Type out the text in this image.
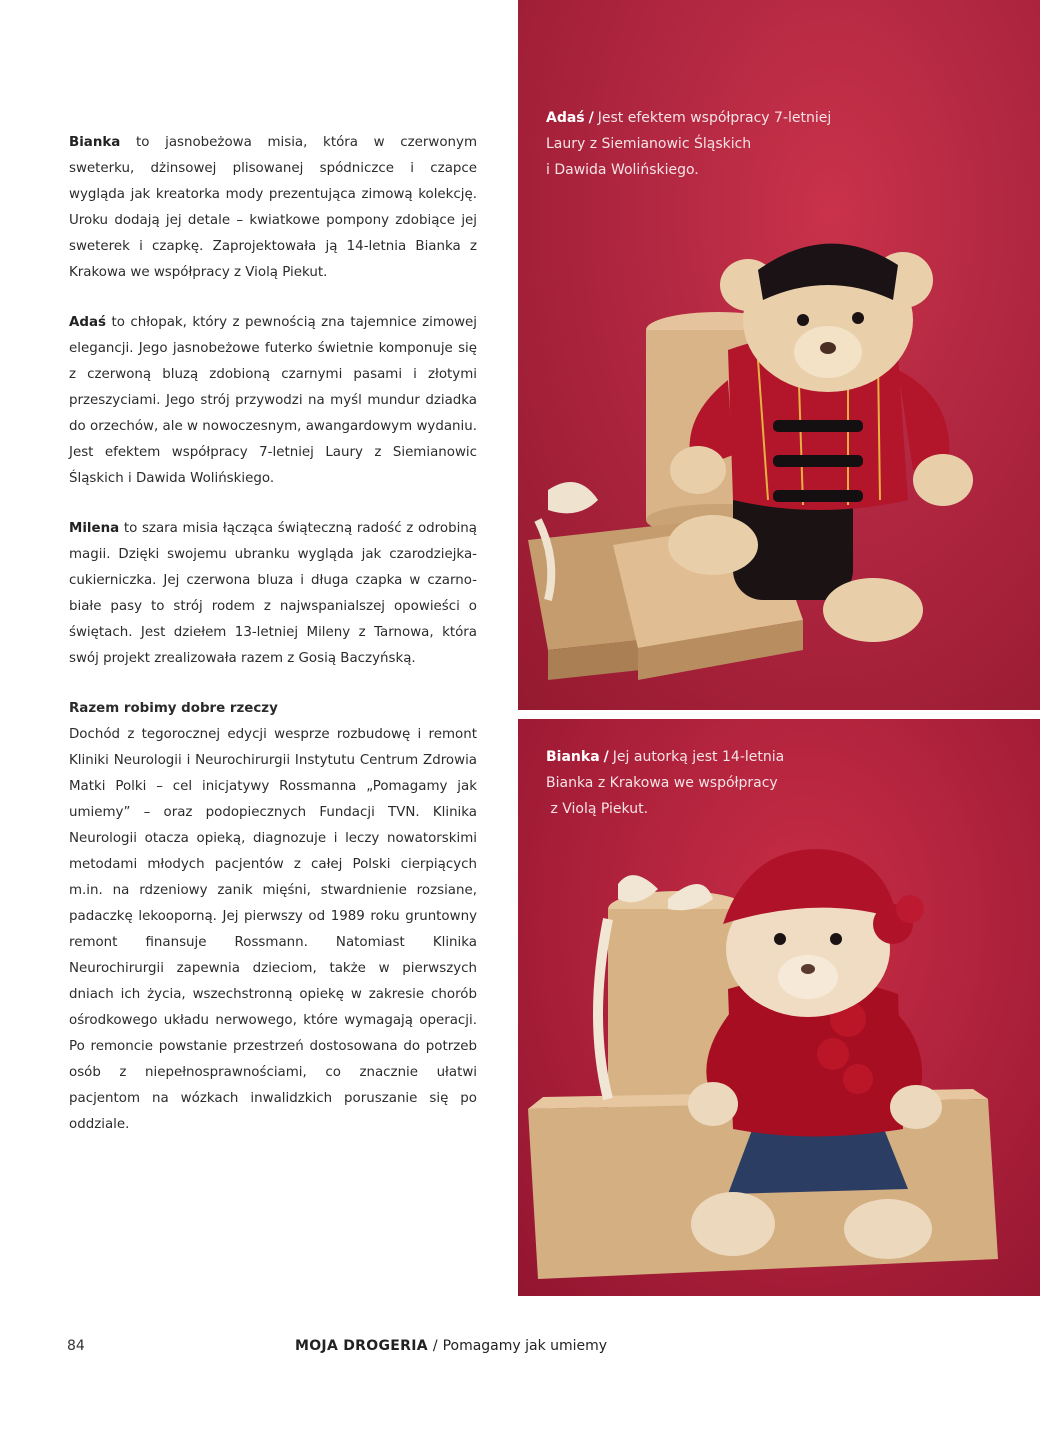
Bianka to jasnobeżowa misia, która w czerwonym sweterku, dżinsowej plisowanej spódniczce i czapce wygląda jak kreatorka mody prezentująca zimową kolekcję. Uroku dodają jej detale – kwiatkowe pompony zdobiące jej sweterek i czapkę. Zaprojektowała ją 14-letnia Bianka z Krakowa we współpracy z Violą Piekut.

Adaś to chłopak, który z pewnością zna tajemnice zimowej elegancji. Jego jasnobeżowe futerko świetnie komponuje się z czerwoną bluzą zdobioną czarnymi pasami i złotymi przeszyciami. Jego strój przywodzi na myśl mundur dziadka do orzechów, ale w nowoczesnym, awangardowym wydaniu. Jest efektem współpracy 7-letniej Laury z Siemianowic Śląskich i Dawida Wolińskiego.

Milena to szara misia łącząca świąteczną radość z odrobiną magii. Dzięki swojemu ubranku wygląda jak czarodziejka-cukierniczka. Jej czerwona bluza i długa czapka w czarno-białe pasy to strój rodem z najwspanialszej opowieści o świętach. Jest dziełem 13-letniej Mileny z Tarnowa, która swój projekt zrealizowała razem z Gosią Baczyńską.

Razem robimy dobre rzeczy

Dochód z tegorocznej edycji wesprze rozbudowę i remont Kliniki Neurologii i Neurochirurgii Instytutu Centrum Zdrowia Matki Polki – cel inicjatywy Rossmanna „Pomagamy jak umiemy” – oraz podopiecznych Fundacji TVN. Klinika Neurologii otacza opieką, diagnozuje i leczy nowatorskimi metodami młodych pacjentów z całej Polski cierpiących m.in. na rdzeniowy zanik mięśni, stwardnienie rozsiane, padaczkę lekooporną. Jej pierwszy od 1989 roku gruntowny remont finansuje Rossmann. Natomiast Klinika Neurochirurgii zapewnia dzieciom, także w pierwszych dniach ich życia, wszechstronną opiekę w zakresie chorób ośrodkowego układu nerwowego, które wymagają operacji. Po remoncie powstanie przestrzeń dostosowana do potrzeb osób z niepełnosprawnościami, co znacznie ułatwi pacjentom na wózkach inwalidzkich poruszanie się po oddziale.

Adaś / Jest efektem współpracy 7-letniej
Laury z Siemianowic Śląskich
i Dawida Wolińskiego.
Bianka / Jej autorką jest 14-letnia
Bianka z Krakowa we współpracy
z Violą Piekut.
84	MOJA DROGERIA / Pomagamy jak umiemy
